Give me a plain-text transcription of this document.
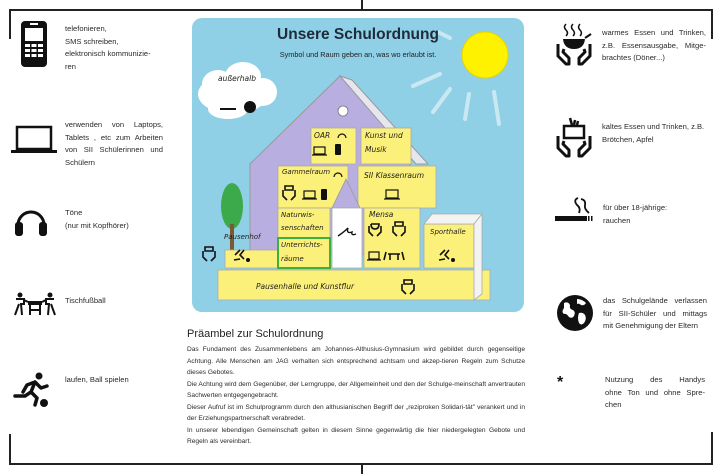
telefonieren,
SMS schreiben,
elektronisch kommunizie-
ren
verwenden von Laptops,
Tablets , etc zum Arbeiten
von SII Schülerinnen und
Schülern
Töne
(nur mit Kopfhörer)
Tischfußball
laufen, Ball spielen
warmes Essen und Trinken,
z.B. Essensausgabe, Mitge-
brachtes (Döner...)
kaltes Essen und Trinken, z.B.
Brötchen, Apfel
für über 18-jährige:
rauchen
das Schulgelände verlassen
für SII-Schüler und mittags
mit Genehmigung der Eltern
*	Nutzung des Handys
ohne Ton und ohne Spre-
chen
Unsere Schulordnung
Symbol und Raum geben an, was wo erlaubt ist.
außerhalb
OAR	Kunst und
Musik
Gammelraum	SII Klassenraum
Naturwis-
senschaften
Mensa
Unterrichts-
räume
Pausenhof
Sporthalle
Pausenhalle und Kunstflur
Präambel zur Schulordnung

Das Fundament des Zusammenlebens am Johannes-Althusius-Gymnasium wird gebildet durch gegenseitige Achtung. Alle Menschen am JAG verhalten sich entsprechend achtsam und akzep-tieren Regeln zum Schutze dieses Gebotes.

Die Achtung wird dem Gegenüber, der Lerngruppe, der Allgemeinheit und den der Schulge-meinschaft anvertrauten Sachwerten entgegengebracht.

Dieser Aufruf ist im Schulprogramm durch den althusianischen Begriff der „reziproken Solidari-tät" verankert und in der Erziehungspartnerschaft verabredet.

In unserer lebendigen Gemeinschaft gelten in diesem Sinne gegenwärtig die hier niedergelegten Gebote und Regeln als vereinbart.
